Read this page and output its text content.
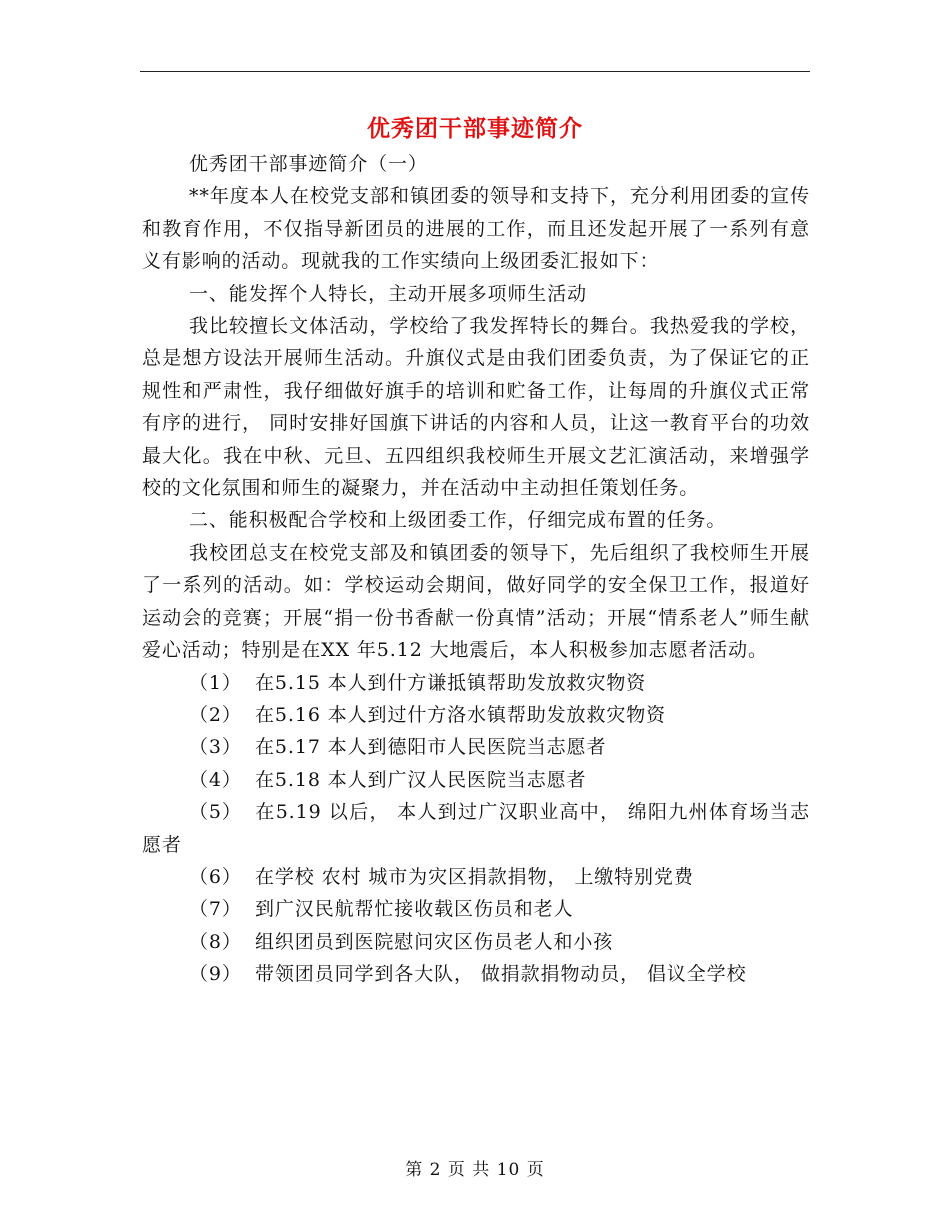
优秀团干部事迹简介

优秀团干部事迹简介（一）

**年度本人在校党支部和镇团委的领导和支持下，充分利用团委的宣传和教育作用，不仅指导新团员的进展的工作，而且还发起开展了一系列有意义有影响的活动。现就我的工作实绩向上级团委汇报如下：

一、能发挥个人特长，主动开展多项师生活动

我比较擅长文体活动，学校给了我发挥特长的舞台。我热爱我的学校，总是想方设法开展师生活动。升旗仪式是由我们团委负责，为了保证它的正规性和严肃性，我仔细做好旗手的培训和贮备工作，让每周的升旗仪式正常有序的进行， 同时安排好国旗下讲话的内容和人员，让这一教育平台的功效最大化。我在中秋、元旦、五四组织我校师生开展文艺汇演活动，来增强学校的文化氛围和师生的凝聚力，并在活动中主动担任策划任务。

二、能积极配合学校和上级团委工作，仔细完成布置的任务。

我校团总支在校党支部及和镇团委的领导下，先后组织了我校师生开展了一系列的活动。如：学校运动会期间，做好同学的安全保卫工作，报道好运动会的竞赛；开展“捐一份书香献一份真情”活动；开展“情系老人”师生献爱心活动；特别是在XX 年5.12 大地震后，本人积极参加志愿者活动。

（1） 在5.15 本人到什方谦抵镇帮助发放救灾物资

（2） 在5.16 本人到过什方洛水镇帮助发放救灾物资

（3） 在5.17 本人到德阳市人民医院当志愿者

（4） 在5.18 本人到广汉人民医院当志愿者

（5） 在5.19 以后， 本人到过广汉职业高中， 绵阳九州体育场当志愿者

（6） 在学校 农村 城市为灾区捐款捐物， 上缴特别党费

（7） 到广汉民航帮忙接收载区伤员和老人

（8） 组织团员到医院慰问灾区伤员老人和小孩

（9） 带领团员同学到各大队， 做捐款捐物动员， 倡议全学校

第 2 页 共 10 页
